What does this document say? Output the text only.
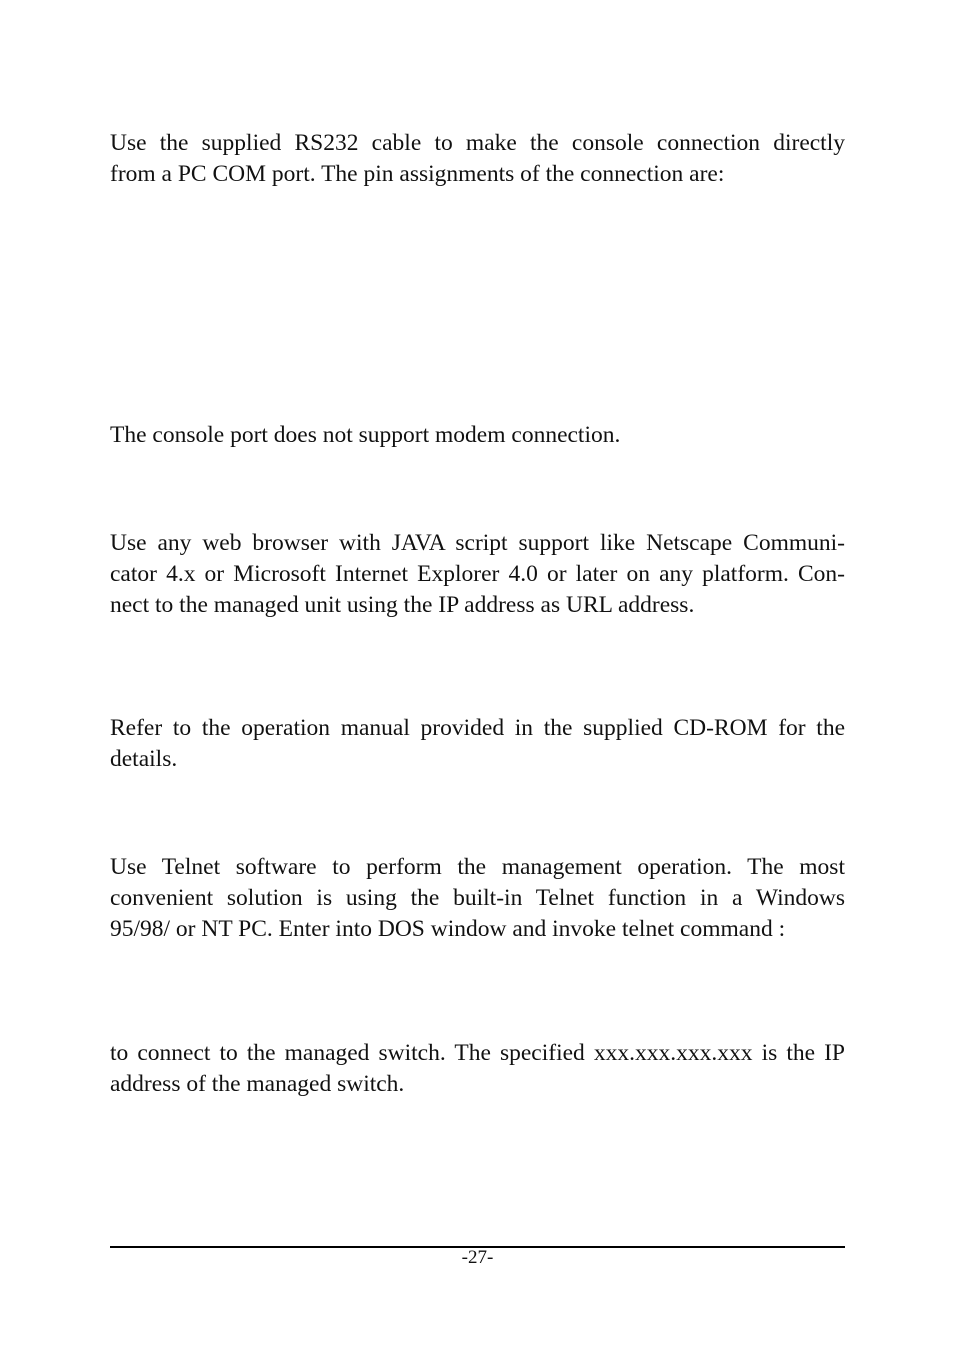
Use the supplied RS232 cable to make the console connection directly
from a PC COM port. The pin assignments of the connection are:

The console port does not support modem connection.

Use any web browser with JAVA script support like Netscape Communi-
cator 4.x or Microsoft Internet Explorer 4.0 or later on any platform. Con-
nect to the managed unit using the IP address as URL address.

Refer to the operation manual provided in the supplied CD-ROM for the
details.

Use Telnet software to perform the management operation. The most
convenient solution is using the built-in Telnet function in a Windows
95/98/ or NT PC. Enter into DOS window and invoke telnet command :

to connect to the managed switch. The specified xxx.xxx.xxx.xxx is the IP
address of the managed switch.

-27-
